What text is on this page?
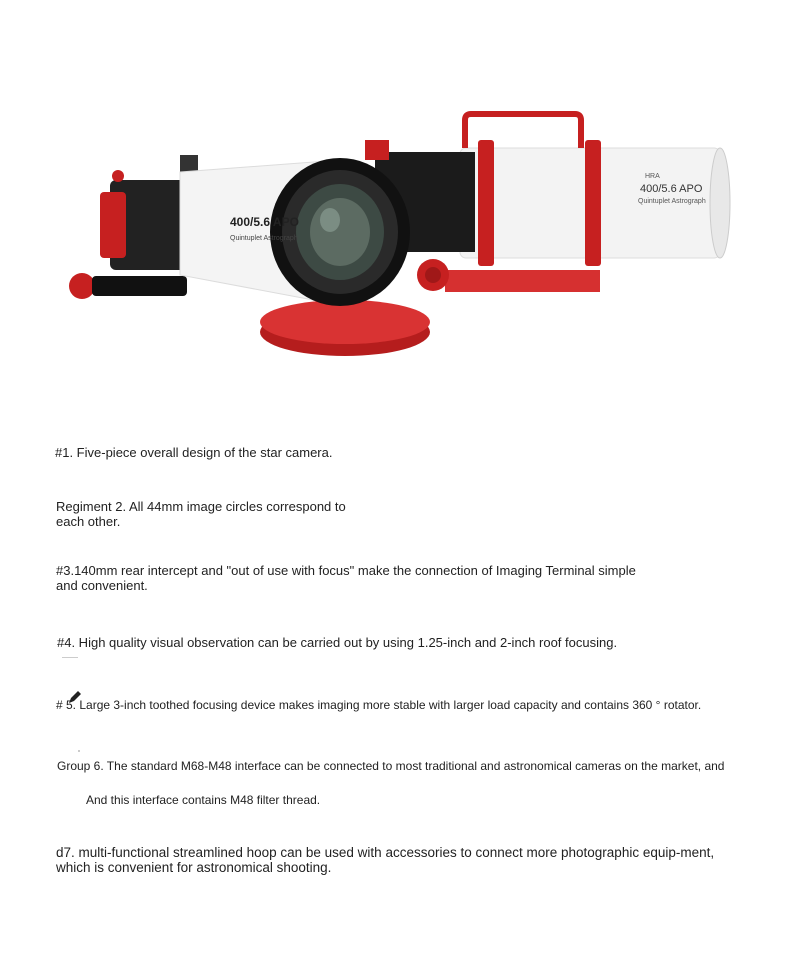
HRA
400/5.6 APO
Quintuplet Astrograph
400/5.6 APO
Quintuplet Astrograph
#1. Five-piece overall design of the star camera.
Regiment 2. All 44mm image circles correspond to each other.
#3.140mm rear intercept and "out of use with focus" make the connection of Imaging Terminal simple and convenient.
#4. High quality visual observation can be carried out by using 1.25-inch and 2-inch roof focusing.
# 5. Large 3-inch toothed focusing device makes imaging more stable with larger load capacity and contains 360 ° rotator.
Group 6. The standard M68-M48 interface can be connected to most traditional and astronomical cameras on the market, and
And this interface contains M48 filter thread.
d7. multi-functional streamlined hoop can be used with accessories to connect more photographic equip-ment, which is convenient for astronomical shooting.
